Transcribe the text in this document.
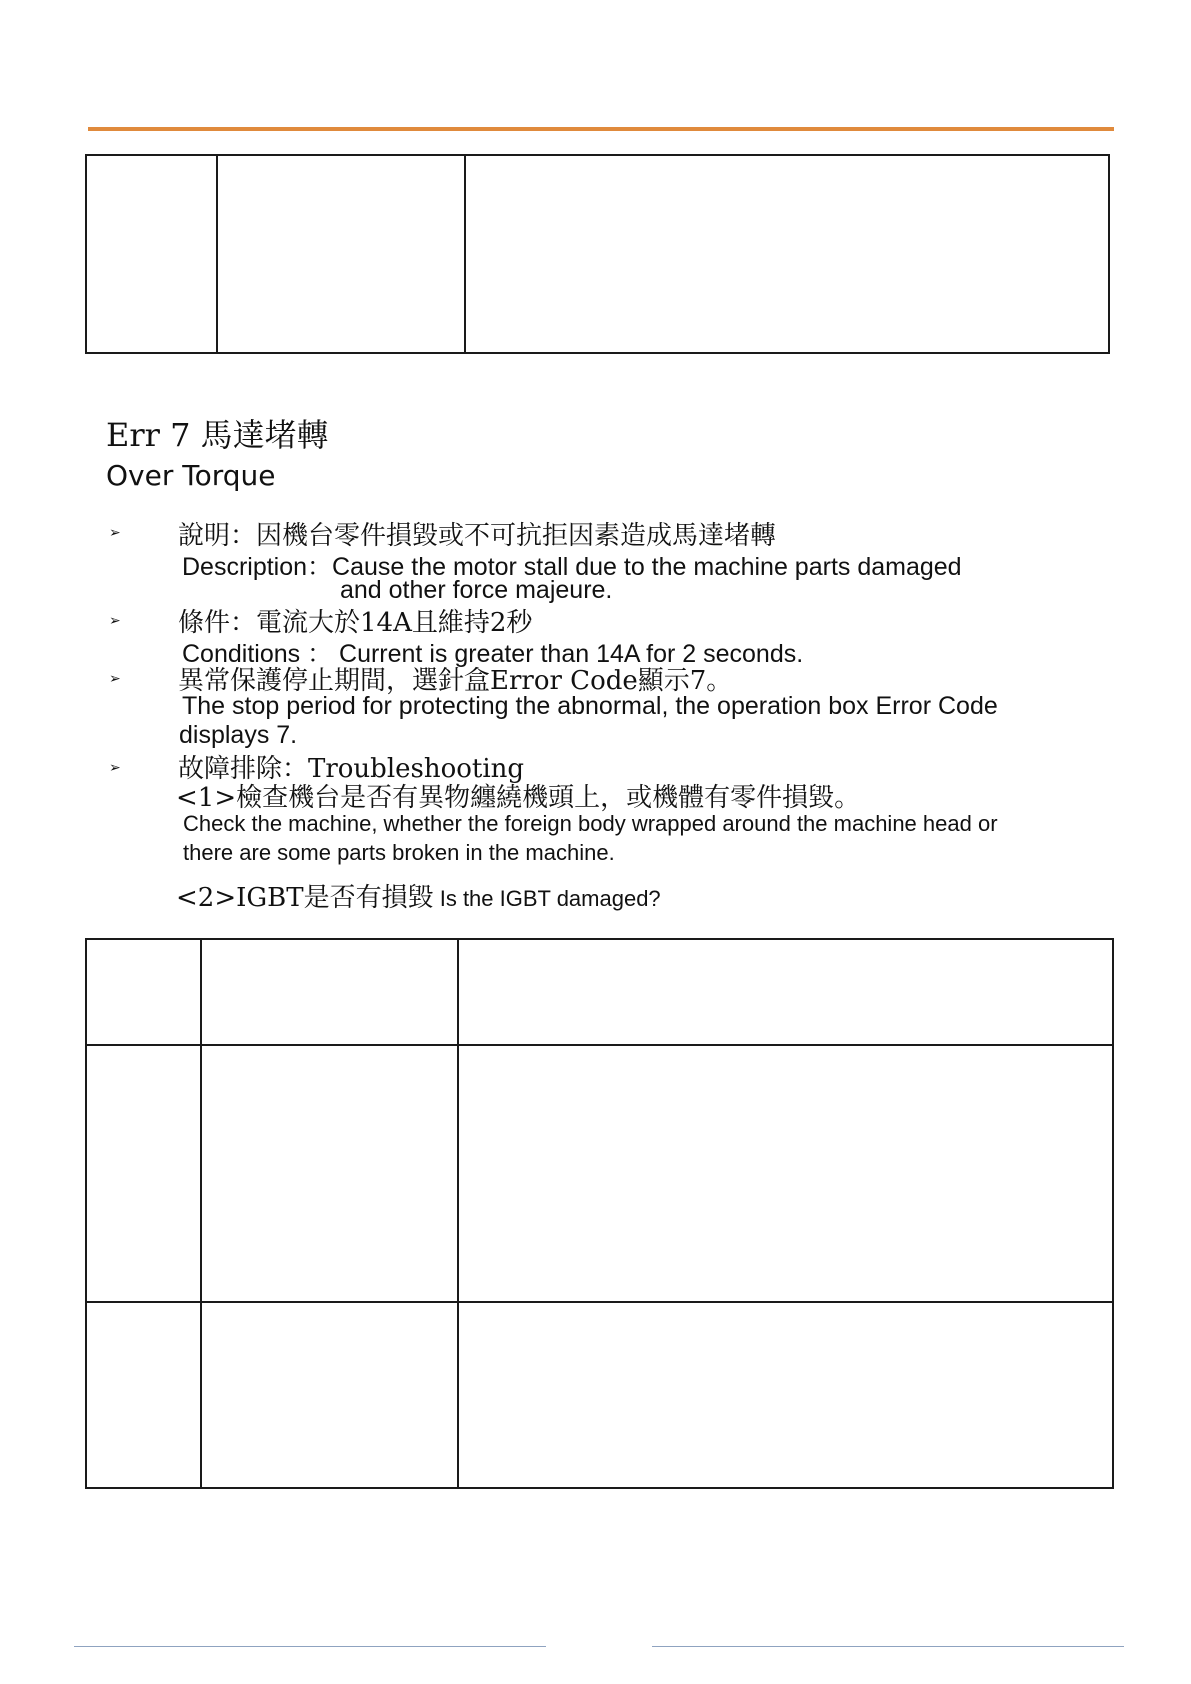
Err 7 馬達堵轉
Over Torque
➢ 說明：因機台零件損毀或不可抗拒因素造成馬達堵轉
Description：Cause the motor stall due to the machine parts damaged
and other force majeure.
➢ 條件：電流大於14A且維持2秒
Conditions ： Current is greater than 14A for 2 seconds.
➢ 異常保護停止期間，選針盒Error Code顯示7。
The stop period for protecting the abnormal, the operation box Error Code
displays 7.
➢ 故障排除：Troubleshooting
<1>檢查機台是否有異物纏繞機頭上，或機體有零件損毀。
Check the machine, whether the foreign body wrapped around the machine head or
there are some parts broken in the machine.
<2>IGBT是否有損毀 Is the IGBT damaged?
